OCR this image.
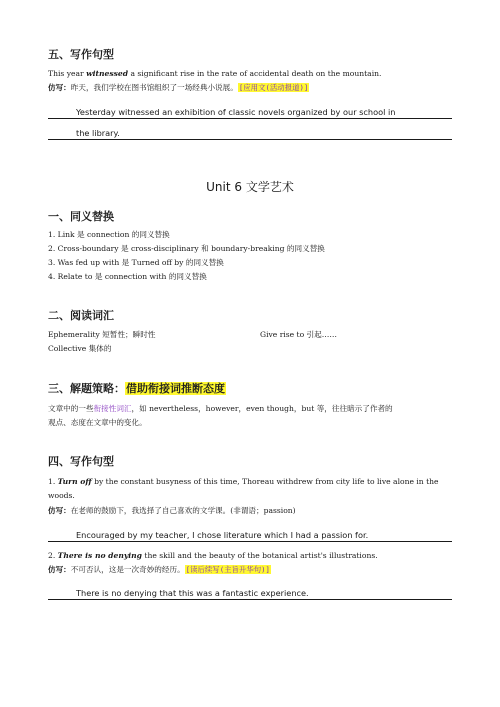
五、写作句型
This year witnessed a significant rise in the rate of accidental death on the mountain.
仿写：昨天，我们学校在图书馆组织了一场经典小说展。[应用文(活动报道)]
Yesterday witnessed an exhibition of classic novels organized by our school in
the library.
Unit 6 文学艺术
一、同义替换
1. Link 是 connection 的同义替换
2. Cross-boundary 是 cross-disciplinary 和 boundary-breaking 的同义替换
3. Was fed up with 是 Turned off by 的同义替换
4. Relate to 是 connection with 的同义替换
二、阅读词汇
Ephemerality 短暂性；瞬时性	Give rise to 引起……
Collective 集体的
三、解题策略：借助衔接词推断态度
文章中的一些衔接性词汇，如 nevertheless，however，even though，but 等，往往暗示了作者的
观点、态度在文章中的变化。
四、写作句型
1. Turn off by the constant busyness of this time, Thoreau withdrew from city life to live alone in the
woods.
仿写：在老师的鼓励下，我选择了自己喜欢的文学课。(非谓语；passion)
Encouraged by my teacher, I chose literature which I had a passion for.
2. There is no denying the skill and the beauty of the botanical artist's illustrations.
仿写：不可否认，这是一次奇妙的经历。[读后续写(主旨升华句)]
There is no denying that this was a fantastic experience.
